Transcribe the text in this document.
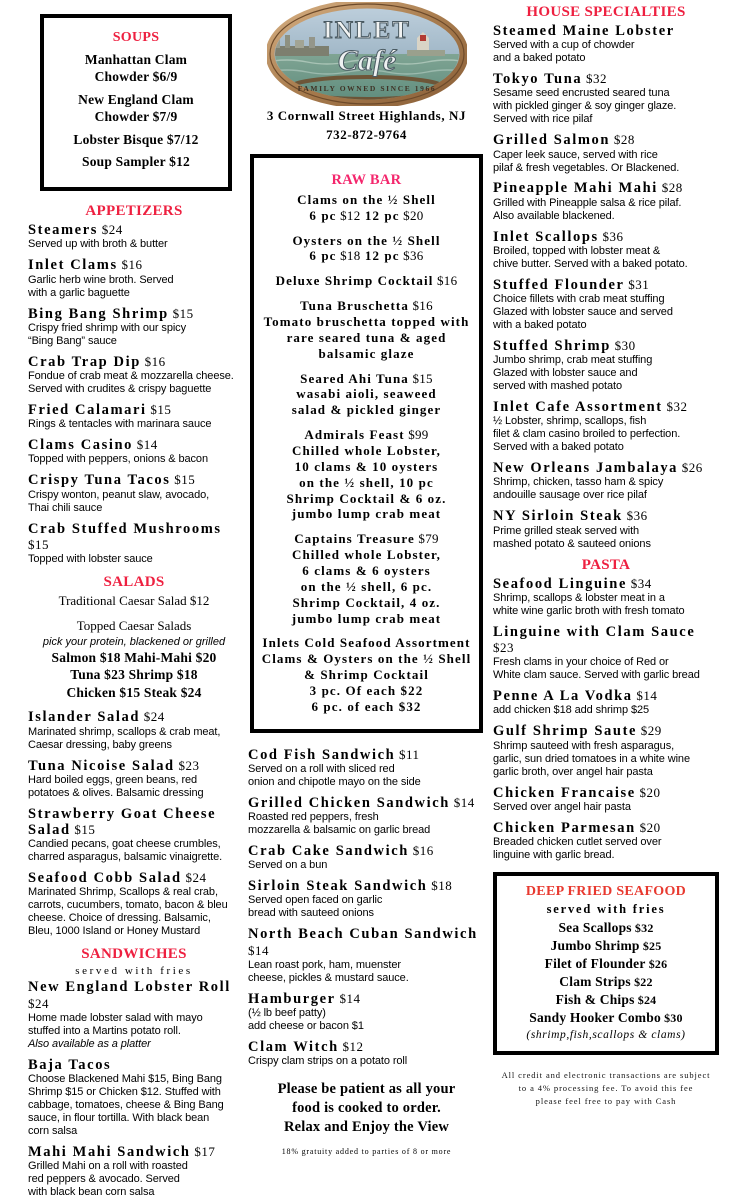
SOUPS
Manhattan Clam
Chowder $6/9
New England Clam
Chowder $7/9
Lobster Bisque $7/12
Soup Sampler $12
APPETIZERS
Steamers $24
Served up with broth & butter
Inlet Clams $16
Garlic herb wine broth. Served
with a garlic baguette
Bing Bang Shrimp $15
Crispy fried shrimp with our spicy
“Bing Bang” sauce
Crab Trap Dip $16
Fondue of crab meat & mozzarella cheese.
Served with crudites & crispy baguette
Fried Calamari $15
Rings & tentacles with marinara sauce
Clams Casino $14
Topped with peppers, onions & bacon
Crispy Tuna Tacos $15
Crispy wonton, peanut slaw, avocado,
Thai chili sauce
Crab Stuffed Mushrooms
$15
Topped with lobster sauce
SALADS
Traditional Caesar Salad $12
Topped Caesar Salads
pick your protein, blackened or grilled
Salmon $18 Mahi-Mahi $20
Tuna $23 Shrimp $18
Chicken $15 Steak $24
Islander Salad $24
Marinated shrimp, scallops & crab meat,
Caesar dressing, baby greens
Tuna Nicoise Salad $23
Hard boiled eggs, green beans, red
potatoes & olives. Balsamic dressing
Strawberry Goat Cheese Salad $15
Candied pecans, goat cheese crumbles,
charred asparagus, balsamic vinaigrette.
Seafood Cobb Salad $24
Marinated Shrimp, Scallops & real crab,
carrots, cucumbers, tomato, bacon & bleu
cheese. Choice of dressing. Balsamic,
Bleu, 1000 Island or Honey Mustard
SANDWICHES
served with fries
New England Lobster Roll $24
Home made lobster salad with mayo
stuffed into a Martins potato roll.
Also available as a platter
Baja Tacos
Choose Blackened Mahi $15, Bing Bang
Shrimp $15 or Chicken $12. Stuffed with
cabbage, tomatoes, cheese & Bing Bang
sauce, in flour tortilla. With black bean
corn salsa
Mahi Mahi Sandwich $17
Grilled Mahi on a roll with roasted
red peppers & avocado. Served
with black bean corn salsa
INLET
Café
FAMILY OWNED SINCE 1966
3 Cornwall Street Highlands, NJ
732-872-9764
RAW BAR
Clams on the ½ Shell
6 pc $12 12 pc $20
Oysters on the ½ Shell
6 pc $18 12 pc $36
Deluxe Shrimp Cocktail $16
Tuna Bruschetta $16
Tomato bruschetta topped with
rare seared tuna & aged
balsamic glaze
Seared Ahi Tuna $15
wasabi aioli, seaweed
salad & pickled ginger
Admirals Feast $99
Chilled whole Lobster,
10 clams & 10 oysters
on the ½ shell, 10 pc
Shrimp Cocktail & 6 oz.
jumbo lump crab meat
Captains Treasure $79
Chilled whole Lobster,
6 clams & 6 oysters
on the ½ shell, 6 pc.
Shrimp Cocktail, 4 oz.
jumbo lump crab meat
Inlets Cold Seafood Assortment
Clams & Oysters on the ½ Shell
& Shrimp Cocktail
3 pc. Of each $22
6 pc. of each $32
Cod Fish Sandwich $11
Served on a roll with sliced red
onion and chipotle mayo on the side
Grilled Chicken Sandwich $14
Roasted red peppers, fresh
mozzarella & balsamic on garlic bread
Crab Cake Sandwich $16
Served on a bun
Sirloin Steak Sandwich $18
Served open faced on garlic
bread with sauteed onions
North Beach Cuban Sandwich $14
Lean roast pork, ham, muenster
cheese, pickles & mustard sauce.
Hamburger $14
(½ lb beef patty)
add cheese or bacon $1
Clam Witch $12
Crispy clam strips on a potato roll
Please be patient as all your
food is cooked to order.
Relax and Enjoy the View
18% gratuity added to parties of 8 or more
HOUSE SPECIALTIES
Steamed Maine Lobster
Served with a cup of chowder
and a baked potato
Tokyo Tuna $32
Sesame seed encrusted seared tuna
with pickled ginger & soy ginger glaze.
Served with rice pilaf
Grilled Salmon $28
Caper leek sauce, served with rice
pilaf & fresh vegetables. Or Blackened.
Pineapple Mahi Mahi $28
Grilled with Pineapple salsa & rice pilaf.
Also available blackened.
Inlet Scallops $36
Broiled, topped with lobster meat &
chive butter. Served with a baked potato.
Stuffed Flounder $31
Choice fillets with crab meat stuffing
Glazed with lobster sauce and served
with a baked potato
Stuffed Shrimp $30
Jumbo shrimp, crab meat stuffing
Glazed with lobster sauce and
served with mashed potato
Inlet Cafe Assortment $32
½ Lobster, shrimp, scallops, fish
filet & clam casino broiled to perfection.
Served with a baked potato
New Orleans Jambalaya $26
Shrimp, chicken, tasso ham & spicy
andouille sausage over rice pilaf
NY Sirloin Steak $36
Prime grilled steak served with
mashed potato & sauteed onions
PASTA
Seafood Linguine $34
Shrimp, scallops & lobster meat in a
white wine garlic broth with fresh tomato
Linguine with Clam Sauce $23
Fresh clams in your choice of Red or
White clam sauce. Served with garlic bread
Penne A La Vodka $14
add chicken $18 add shrimp $25
Gulf Shrimp Saute $29
Shrimp sauteed with fresh asparagus,
garlic, sun dried tomatoes in a white wine
garlic broth, over angel hair pasta
Chicken Francaise $20
Served over angel hair pasta
Chicken Parmesan $20
Breaded chicken cutlet served over
linguine with garlic bread.
DEEP FRIED SEAFOOD
served with fries
Sea Scallops $32
Jumbo Shrimp $25
Filet of Flounder $26
Clam Strips $22
Fish & Chips $24
Sandy Hooker Combo $30
(shrimp,fish,scallops & clams)
All credit and electronic transactions are subject
to a 4% processing fee. To avoid this fee
please feel free to pay with Cash
